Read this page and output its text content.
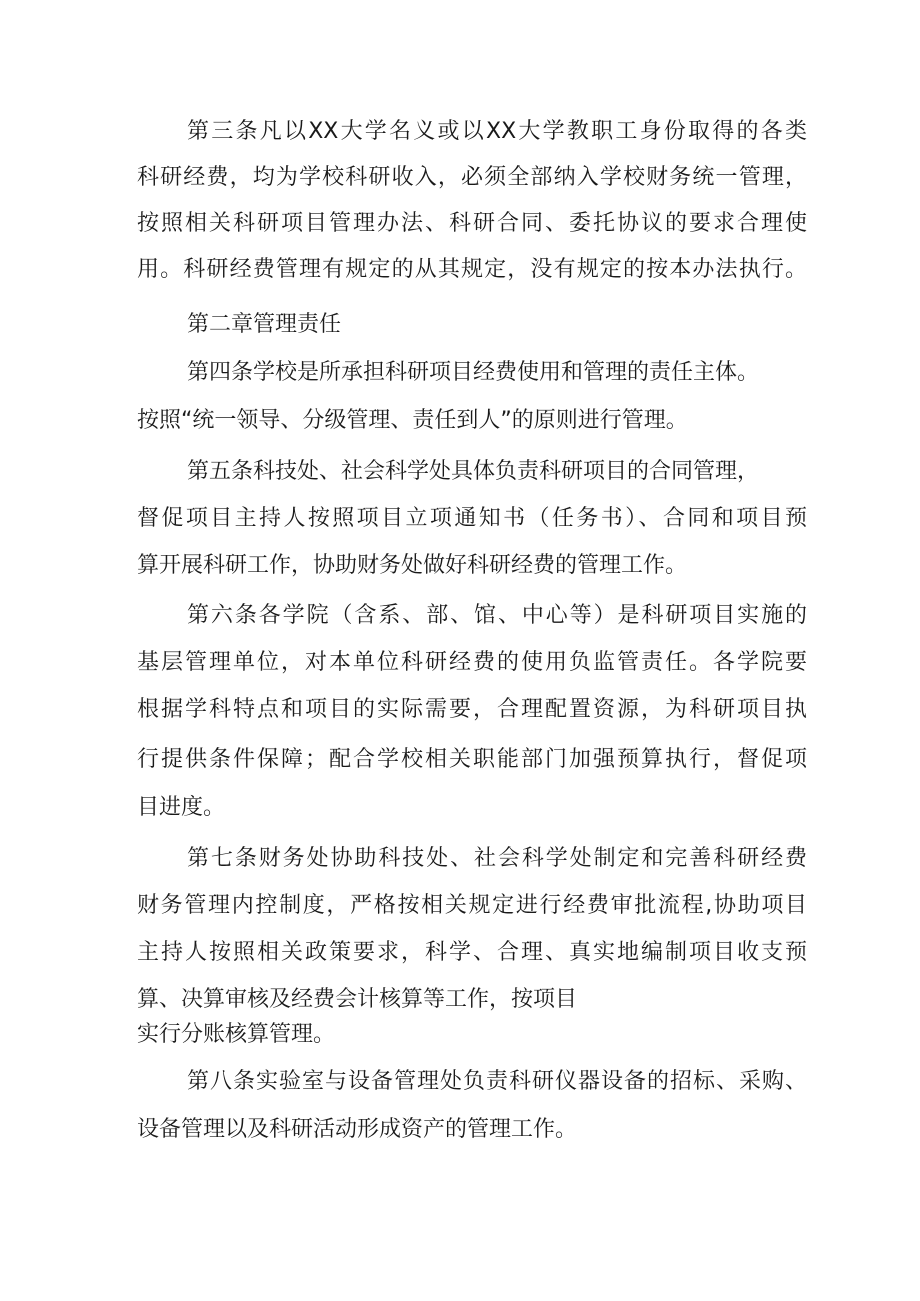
第三条凡以XX大学名义或以XX大学教职工身份取得的各类

科研经费，均为学校科研收入，必须全部纳入学校财务统一管理，

按照相关科研项目管理办法、科研合同、委托协议的要求合理使

用。科研经费管理有规定的从其规定，没有规定的按本办法执行。

第二章管理责任

第四条学校是所承担科研项目经费使用和管理的责任主体。

按照“统一领导、分级管理、责任到人”的原则进行管理。

第五条科技处、社会科学处具体负责科研项目的合同管理，

督促项目主持人按照项目立项通知书（任务书）、合同和项目预

算开展科研工作，协助财务处做好科研经费的管理工作。

第六条各学院（含系、部、馆、中心等）是科研项目实施的

基层管理单位，对本单位科研经费的使用负监管责任。各学院要

根据学科特点和项目的实际需要，合理配置资源，为科研项目执

行提供条件保障；配合学校相关职能部门加强预算执行，督促项

目进度。

第七条财务处协助科技处、社会科学处制定和完善科研经费

财务管理内控制度，严格按相关规定进行经费审批流程,协助项目

主持人按照相关政策要求，科学、合理、真实地编制项目收支预

算、决算审核及经费会计核算等工作，按项目

实行分账核算管理。

第八条实验室与设备管理处负责科研仪器设备的招标、采购、

设备管理以及科研活动形成资产的管理工作。
